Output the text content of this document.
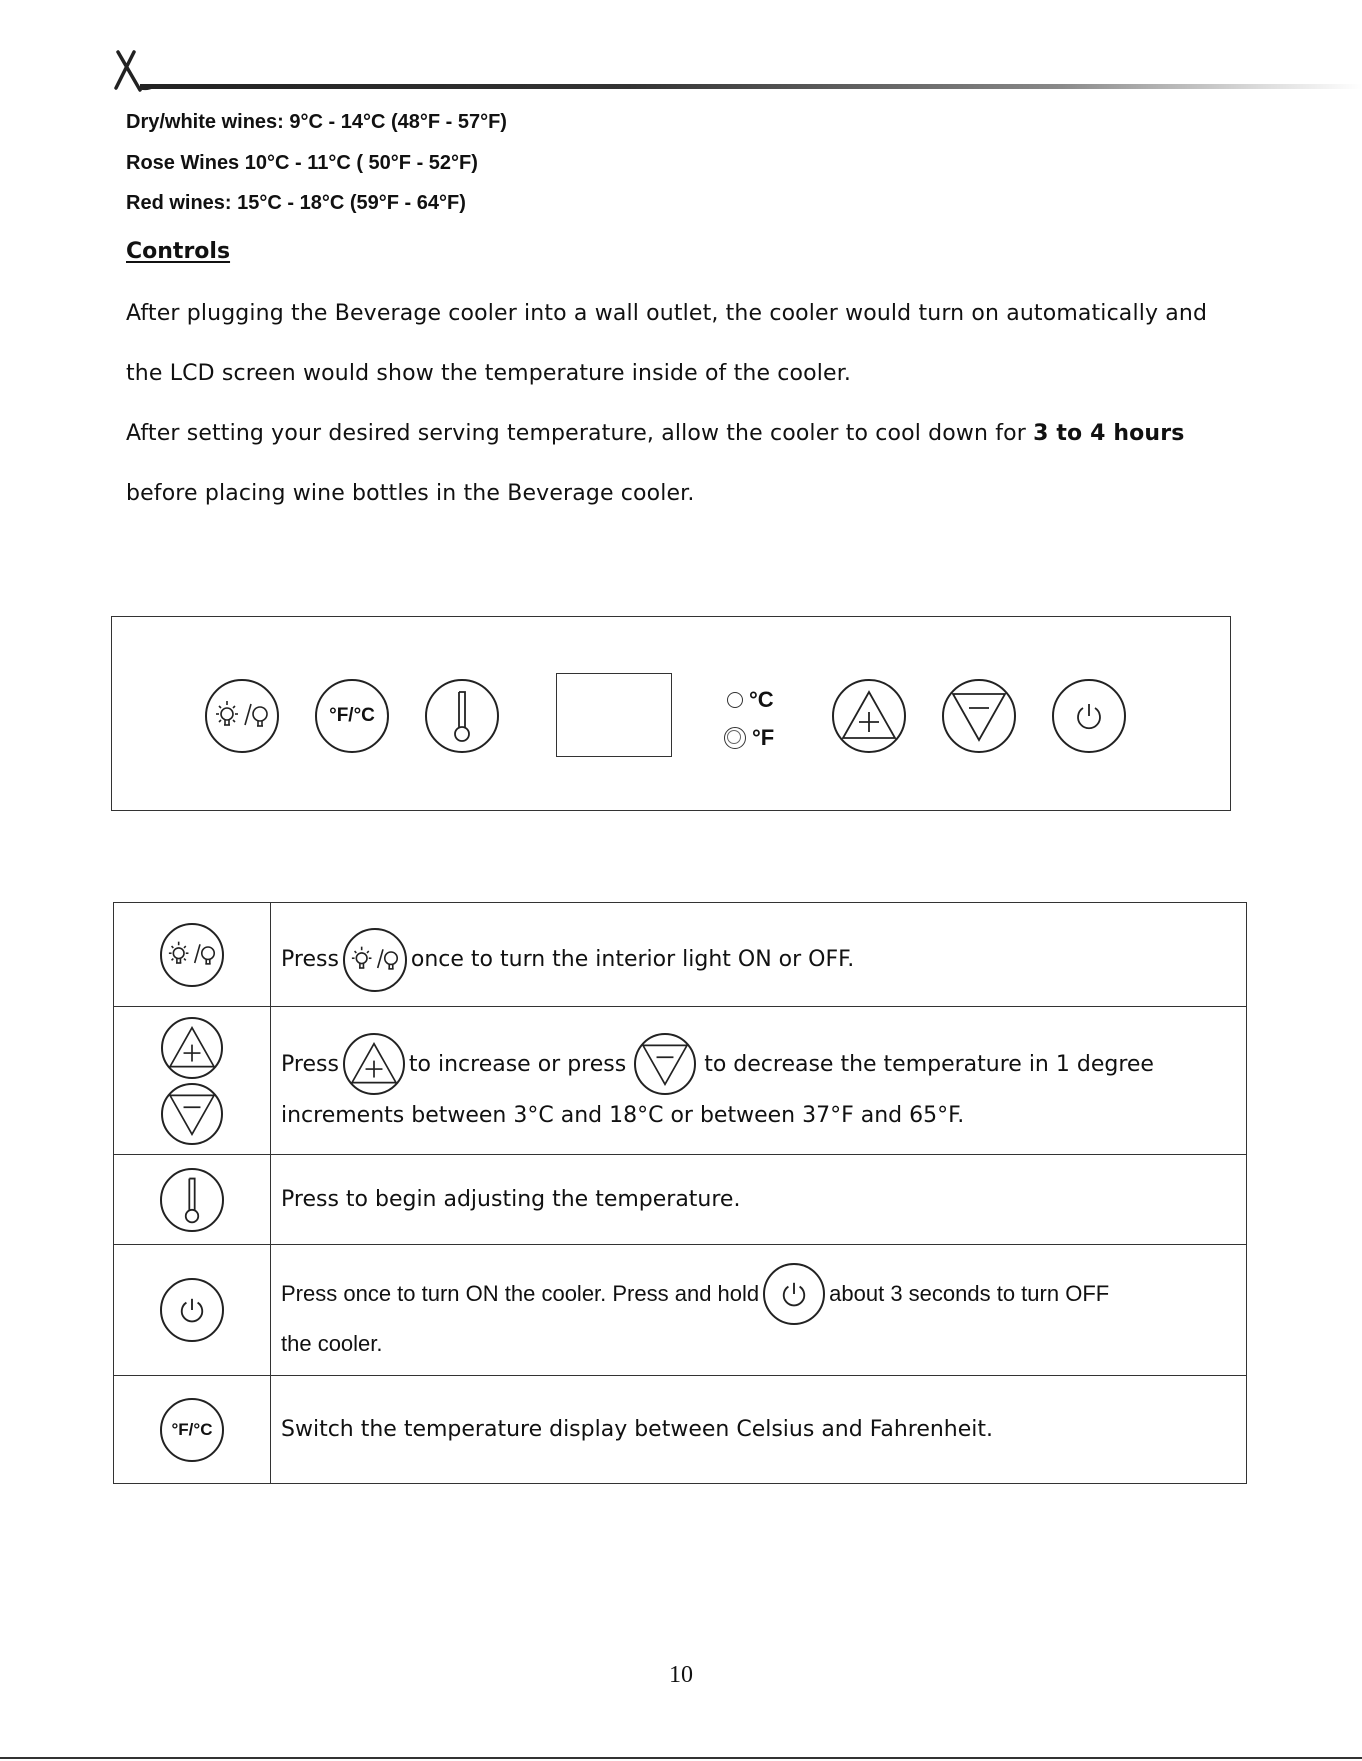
Dry/white wines: 9°C - 14°C (48°F - 57°F)
Rose Wines 10°C - 11°C ( 50°F - 52°F)
Red wines: 15°C - 18°C (59°F - 64°F)
Controls
After plugging the Beverage cooler into a wall outlet, the cooler would turn on automatically and
the LCD screen would show the temperature inside of the cooler.
After setting your desired serving temperature, allow the cooler to cool down for 3 to 4 hours
before placing wine bottles in the Beverage cooler.
°F/°C
°C
°F

Press once to turn the interior light ON or OFF.

Press to increase or press to decrease the temperature in 1 degree
increments between 3°C and 18°C or between 37°F and 65°F.

Press to begin adjusting the temperature.

Press once to turn ON the cooler. Press and hold about 3 seconds to turn OFF
the cooler.

°F/°C	Switch the temperature display between Celsius and Fahrenheit.
10
